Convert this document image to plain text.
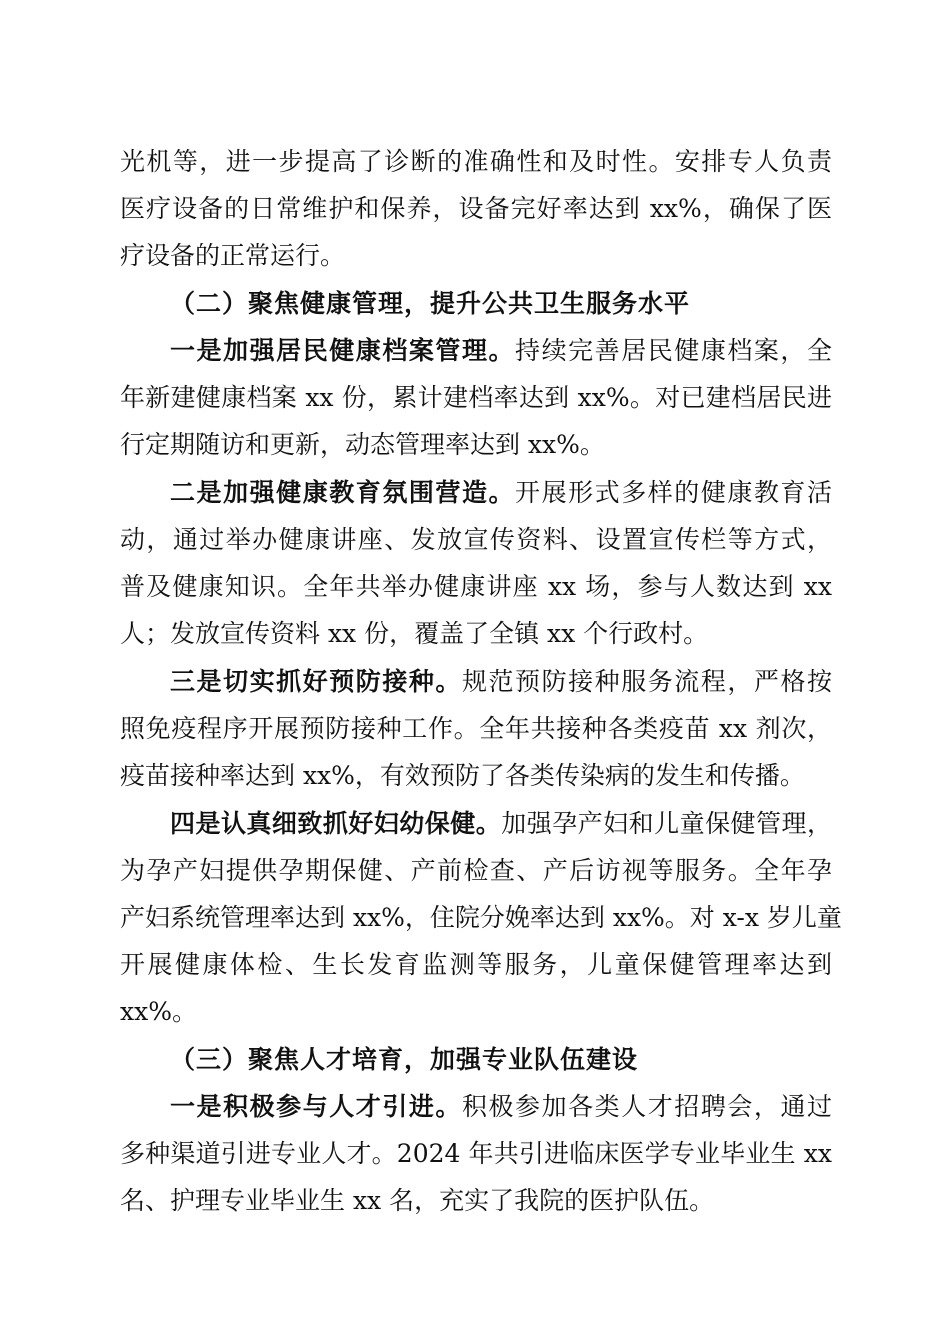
光机等，进一步提高了诊断的准确性和及时性。安排专人负责
医疗设备的日常维护和保养，设备完好率达到 xx%，确保了医
疗设备的正常运行。
（二）聚焦健康管理，提升公共卫生服务水平
一是加强居民健康档案管理。持续完善居民健康档案，全
年新建健康档案 xx 份，累计建档率达到 xx%。对已建档居民进
行定期随访和更新，动态管理率达到 xx%。
二是加强健康教育氛围营造。开展形式多样的健康教育活
动，通过举办健康讲座、发放宣传资料、设置宣传栏等方式，
普及健康知识。全年共举办健康讲座 xx 场，参与人数达到 xx
人；发放宣传资料 xx 份，覆盖了全镇 xx 个行政村。
三是切实抓好预防接种。规范预防接种服务流程，严格按
照免疫程序开展预防接种工作。全年共接种各类疫苗 xx 剂次，
疫苗接种率达到 xx%，有效预防了各类传染病的发生和传播。
四是认真细致抓好妇幼保健。加强孕产妇和儿童保健管理，
为孕产妇提供孕期保健、产前检查、产后访视等服务。全年孕
产妇系统管理率达到 xx%，住院分娩率达到 xx%。对 x-x 岁儿童
开展健康体检、生长发育监测等服务，儿童保健管理率达到
xx%。
（三）聚焦人才培育，加强专业队伍建设
一是积极参与人才引进。积极参加各类人才招聘会，通过
多种渠道引进专业人才。2024 年共引进临床医学专业毕业生 xx
名、护理专业毕业生 xx 名，充实了我院的医护队伍。
